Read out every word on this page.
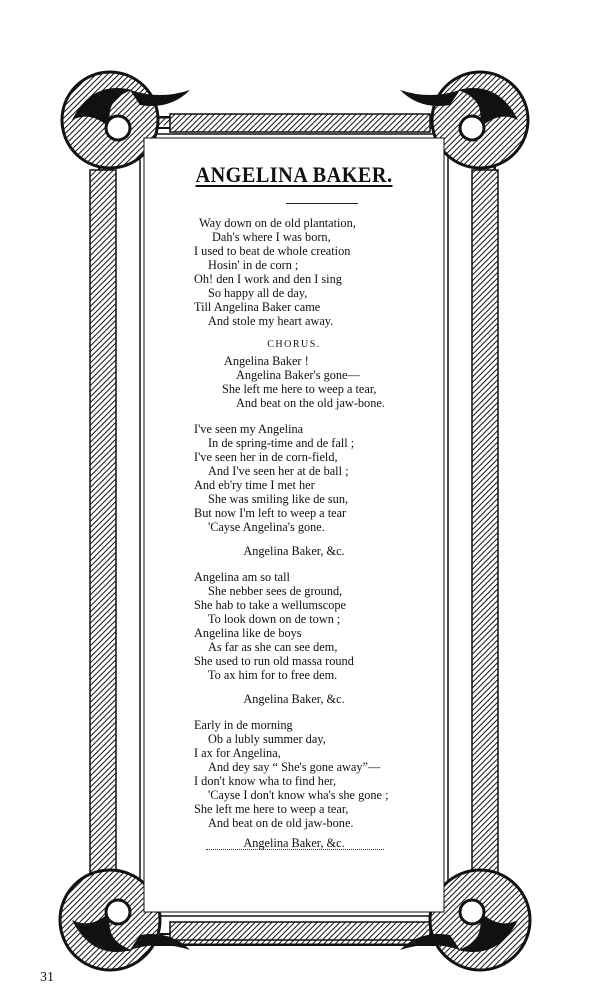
ANGELINA BAKER.
Way down on de old plantation,
Dah's where I was born,
I used to beat de whole creation
Hosin' in de corn ;
Oh! den I work and den I sing
So happy all de day,
Till Angelina Baker came
And stole my heart away.
CHORUS.
Angelina Baker !
Angelina Baker's gone—
She left me here to weep a tear,
And beat on the old jaw-bone.
I've seen my Angelina
In de spring-time and de fall ;
I've seen her in de corn-field,
And I've seen her at de ball ;
And eb'ry time I met her
She was smiling like de sun,
But now I'm left to weep a tear
'Cayse Angelina's gone.
Angelina Baker, &c.
Angelina am so tall
She nebber sees de ground,
She hab to take a wellumscope
To look down on de town ;
Angelina like de boys
As far as she can see dem,
She used to run old massa round
To ax him for to free dem.
Angelina Baker, &c.
Early in de morning
Ob a lubly summer day,
I ax for Angelina,
And dey say “ She's gone away”—
I don't know wha to find her,
'Cayse I don't know wha's she gone ;
She left me here to weep a tear,
And beat on de old jaw-bone.
Angelina Baker, &c.
31
